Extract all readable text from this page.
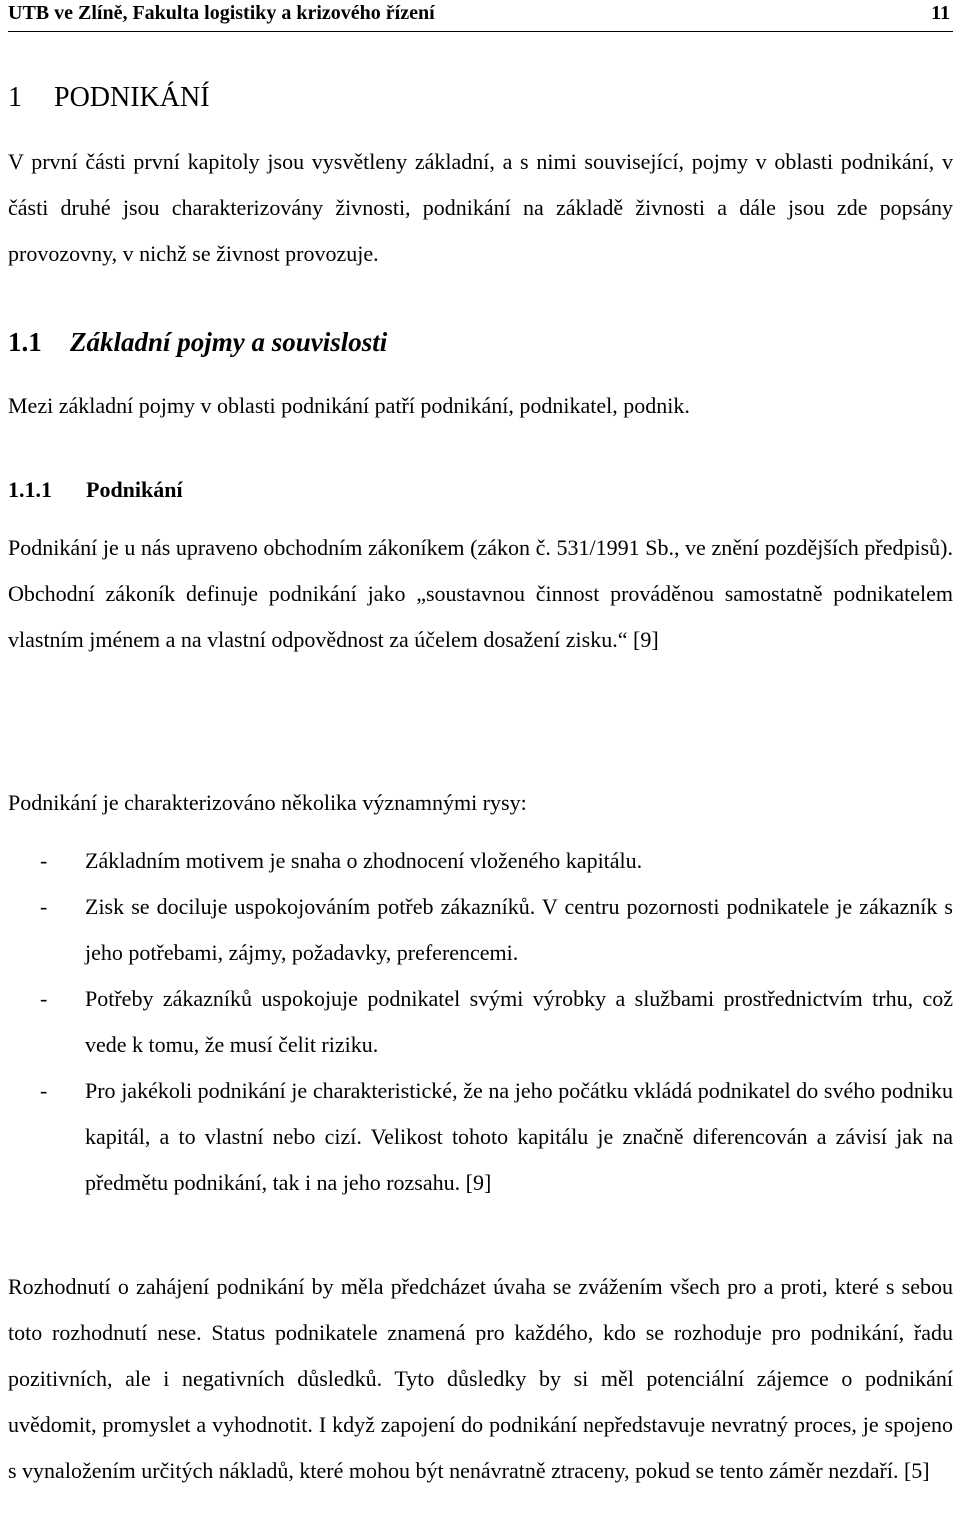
UTB ve Zlíně, Fakulta logistiky a krizového řízení	11
1 PODNIKÁNÍ

V první části první kapitoly jsou vysvětleny základní, a s nimi související, pojmy v oblasti podnikání, v části druhé jsou charakterizovány živnosti, podnikání na základě živnosti a dále jsou zde popsány provozovny, v nichž se živnost provozuje.

1.1 Základní pojmy a souvislosti

Mezi základní pojmy v oblasti podnikání patří podnikání, podnikatel, podnik.

1.1.1 Podnikání

Podnikání je u nás upraveno obchodním zákoníkem (zákon č. 531/1991 Sb., ve znění pozdějších předpisů). Obchodní zákoník definuje podnikání jako „soustavnou činnost prováděnou samostatně podnikatelem vlastním jménem a na vlastní odpovědnost za účelem dosažení zisku.“ [9]

Podnikání je charakterizováno několika významnými rysy:

- Základním motivem je snaha o zhodnocení vloženého kapitálu.
- Zisk se dociluje uspokojováním potřeb zákazníků. V centru pozornosti podnikatele je zákazník s jeho potřebami, zájmy, požadavky, preferencemi.
- Potřeby zákazníků uspokojuje podnikatel svými výrobky a službami prostřednictvím trhu, což vede k tomu, že musí čelit riziku.
- Pro jakékoli podnikání je charakteristické, že na jeho počátku vkládá podnikatel do svého podniku kapitál, a to vlastní nebo cizí. Velikost tohoto kapitálu je značně diferencován a závisí jak na předmětu podnikání, tak i na jeho rozsahu. [9]

Rozhodnutí o zahájení podnikání by měla předcházet úvaha se zvážením všech pro a proti, které s sebou toto rozhodnutí nese. Status podnikatele znamená pro každého, kdo se rozhoduje pro podnikání, řadu pozitivních, ale i negativních důsledků. Tyto důsledky by si měl potenciální zájemce o podnikání uvědomit, promyslet a vyhodnotit. I když zapojení do podnikání nepředstavuje nevratný proces, je spojeno s vynaložením určitých nákladů, které mohou být nenávratně ztraceny, pokud se tento záměr nezdaří. [5]
